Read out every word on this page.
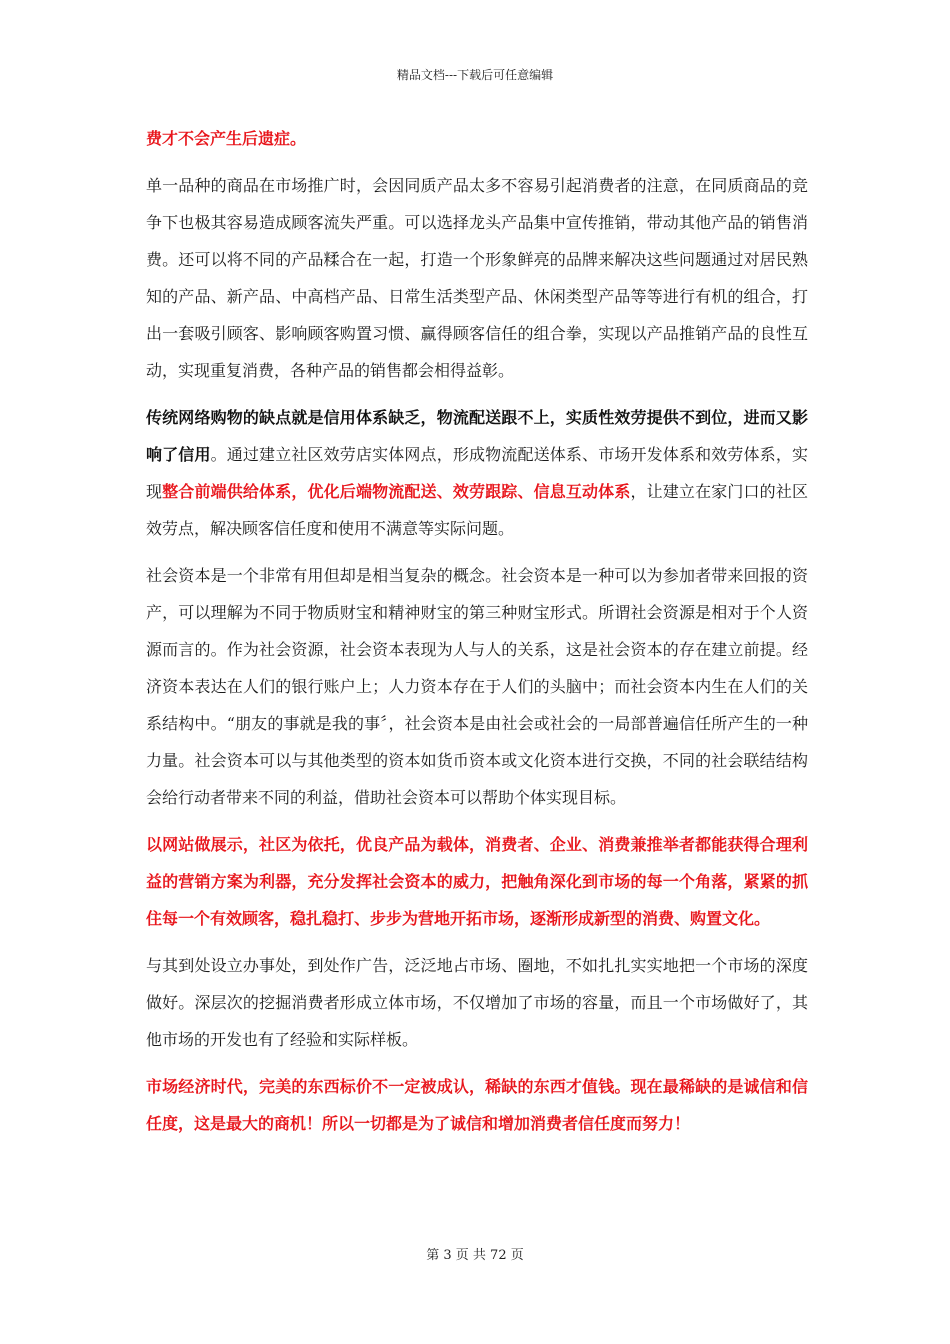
精品文档---下载后可任意编辑

费才不会产生后遗症。

单一品种的商品在市场推广时，会因同质产品太多不容易引起消费者的注意，在同质商品的竞争下也极其容易造成顾客流失严重。可以选择龙头产品集中宣传推销，带动其他产品的销售消费。还可以将不同的产品糅合在一起，打造一个形象鲜亮的品牌来解决这些问题通过对居民熟知的产品、新产品、中高档产品、日常生活类型产品、休闲类型产品等等进行有机的组合，打出一套吸引顾客、影响顾客购置习惯、赢得顾客信任的组合拳，实现以产品推销产品的良性互动，实现重复消费，各种产品的销售都会相得益彰。

传统网络购物的缺点就是信用体系缺乏，物流配送跟不上，实质性效劳提供不到位，进而又影响了信用。通过建立社区效劳店实体网点，形成物流配送体系、市场开发体系和效劳体系，实现整合前端供给体系，优化后端物流配送、效劳跟踪、信息互动体系，让建立在家门口的社区效劳点，解决顾客信任度和使用不满意等实际问题。

社会资本是一个非常有用但却是相当复杂的概念。社会资本是一种可以为参加者带来回报的资产，可以理解为不同于物质财宝和精神财宝的第三种财宝形式。所谓社会资源是相对于个人资源而言的。作为社会资源，社会资本表现为人与人的关系，这是社会资本的存在建立前提。经济资本表达在人们的银行账户上；人力资本存在于人们的头脑中；而社会资本内生在人们的关系结构中。“朋友的事就是我的事〞，社会资本是由社会或社会的一局部普遍信任所产生的一种力量。社会资本可以与其他类型的资本如货币资本或文化资本进行交换，不同的社会联结结构会给行动者带来不同的利益，借助社会资本可以帮助个体实现目标。

以网站做展示，社区为依托，优良产品为载体，消费者、企业、消费兼推举者都能获得合理利益的营销方案为利器，充分发挥社会资本的威力，把触角深化到市场的每一个角落，紧紧的抓住每一个有效顾客，稳扎稳打、步步为营地开拓市场，逐渐形成新型的消费、购置文化。

与其到处设立办事处，到处作广告，泛泛地占市场、圈地，不如扎扎实实地把一个市场的深度做好。深层次的挖掘消费者形成立体市场，不仅增加了市场的容量，而且一个市场做好了，其他市场的开发也有了经验和实际样板。

市场经济时代，完美的东西标价不一定被成认，稀缺的东西才值钱。现在最稀缺的是诚信和信任度，这是最大的商机！所以一切都是为了诚信和增加消费者信任度而努力！

第 3 页 共 72 页
